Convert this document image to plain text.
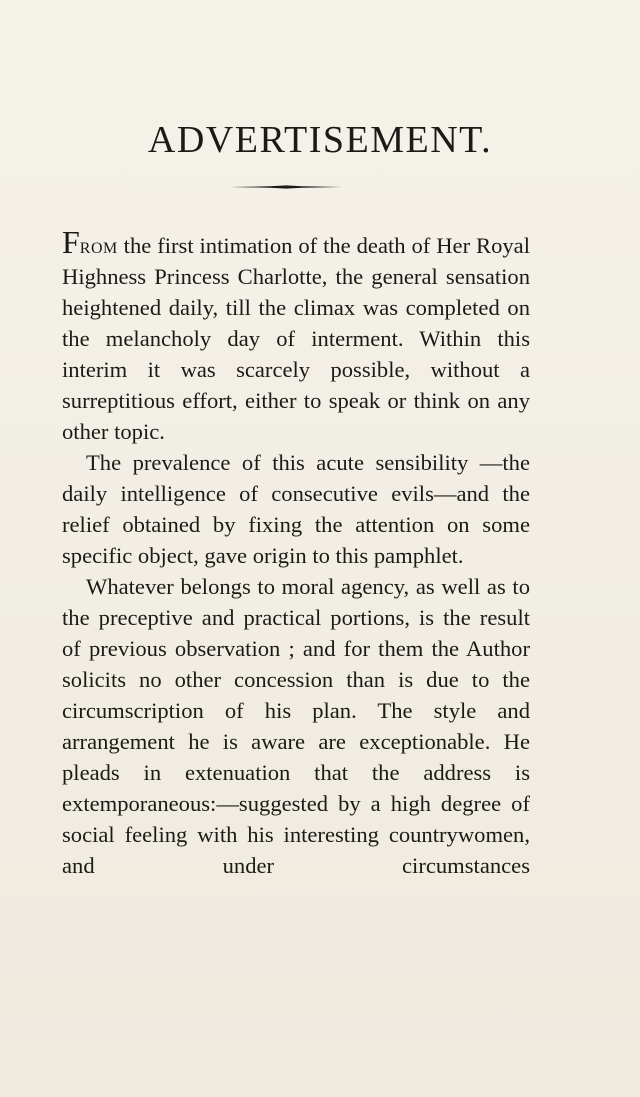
ADVERTISEMENT.

From the first intimation of the death of Her Royal Highness Princess Charlotte, the general sensation heightened daily, till the climax was completed on the melancholy day of interment. Within this interim it was scarcely possible, without a surreptitious effort, either to speak or think on any other topic.

The prevalence of this acute sensibility —the daily intelligence of consecutive evils—and the relief obtained by fixing the attention on some specific object, gave origin to this pamphlet.

Whatever belongs to moral agency, as well as to the preceptive and practical portions, is the result of previous observation ; and for them the Author solicits no other concession than is due to the circumscription of his plan. The style and arrangement he is aware are exceptionable. He pleads in extenuation that the address is extemporaneous:—suggested by a high degree of social feeling with his interesting countrywomen, and under circumstances
